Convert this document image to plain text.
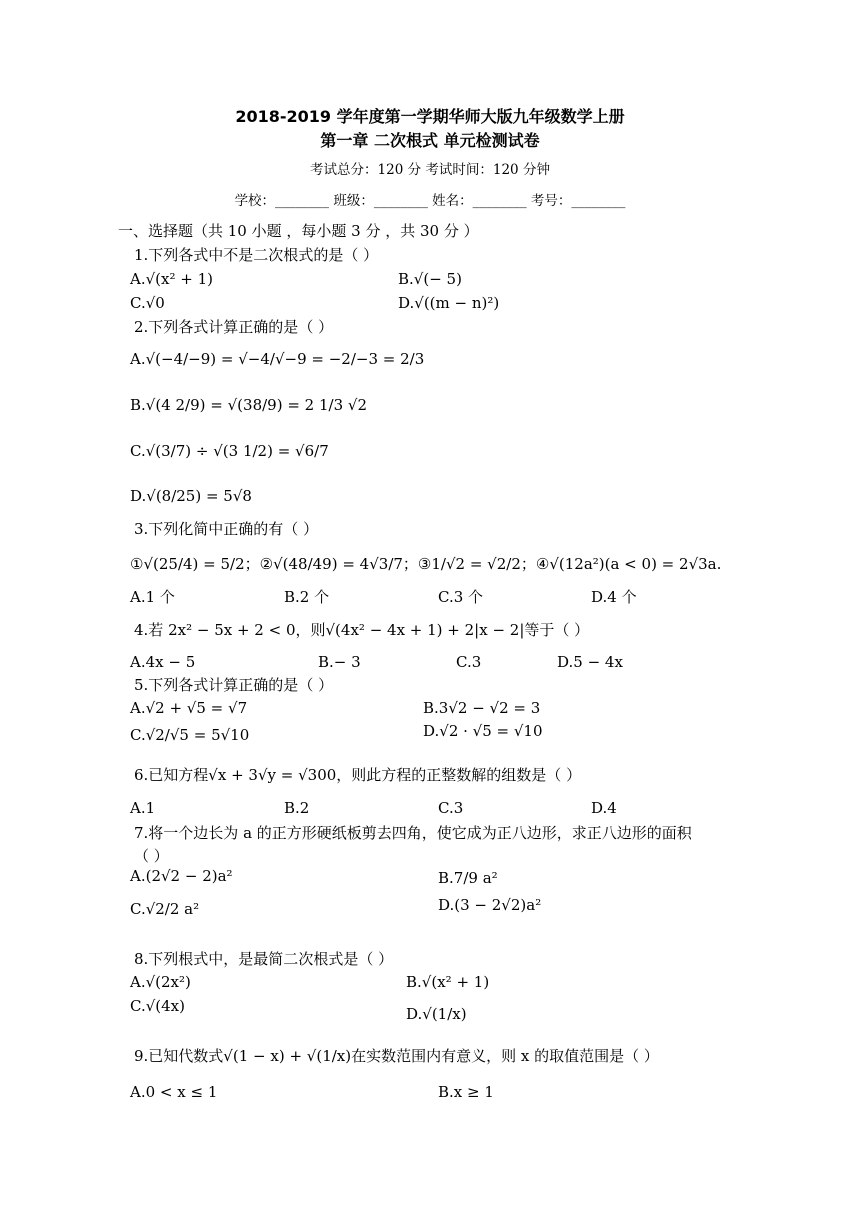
2018-2019 学年度第一学期华师大版九年级数学上册
第一章 二次根式 单元检测试卷
考试总分：120 分 考试时间：120 分钟
学校：________ 班级：________ 姓名：________ 考号：________
一、选择题（共 10 小题 ，每小题 3 分 ，共 30 分 ）
1.下列各式中不是二次根式的是（ ）
A.√(x² + 1)	B.√(− 5)
C.√0	D.√((m − n)²)
2.下列各式计算正确的是（ ）
A.√(−4/−9) = √−4/√−9 = −2/−3 = 2/3
B.√(4 2/9) = √(38/9) = 2 1/3 √2
C.√(3/7) ÷ √(3 1/2) = √6/7
D.√(8/25) = 5√8
3.下列化简中正确的有（ ）
①√(25/4) = 5/2；②√(48/49) = 4√3/7；③1/√2 = √2/2；④√(12a²)(a < 0) = 2√3a.
A.1 个	B.2 个	C.3 个	D.4 个
4.若 2x² − 5x + 2 < 0，则√(4x² − 4x + 1) + 2|x − 2|等于（ ）
A.4x − 5	B.− 3	C.3	D.5 − 4x
5.下列各式计算正确的是（ ）
A.√2 + √5 = √7	B.3√2 − √2 = 3
C.√2/√5 = 5√10	D.√2 · √5 = √10
6.已知方程√x + 3√y = √300，则此方程的正整数解的组数是（ ）
A.1	B.2	C.3	D.4
7.将一个边长为 a 的正方形硬纸板剪去四角，使它成为正八边形，求正八边形的面积（ ）
A.(2√2 − 2)a²	B.7/9 a²
C.√2/2 a²	D.(3 − 2√2)a²
8.下列根式中，是最简二次根式是（ ）
A.√(2x²)	B.√(x² + 1)
C.√(4x)	D.√(1/x)
9.已知代数式√(1 − x) + √(1/x)在实数范围内有意义，则 x 的取值范围是（ ）
A.0 < x ≤ 1	B.x ≥ 1
